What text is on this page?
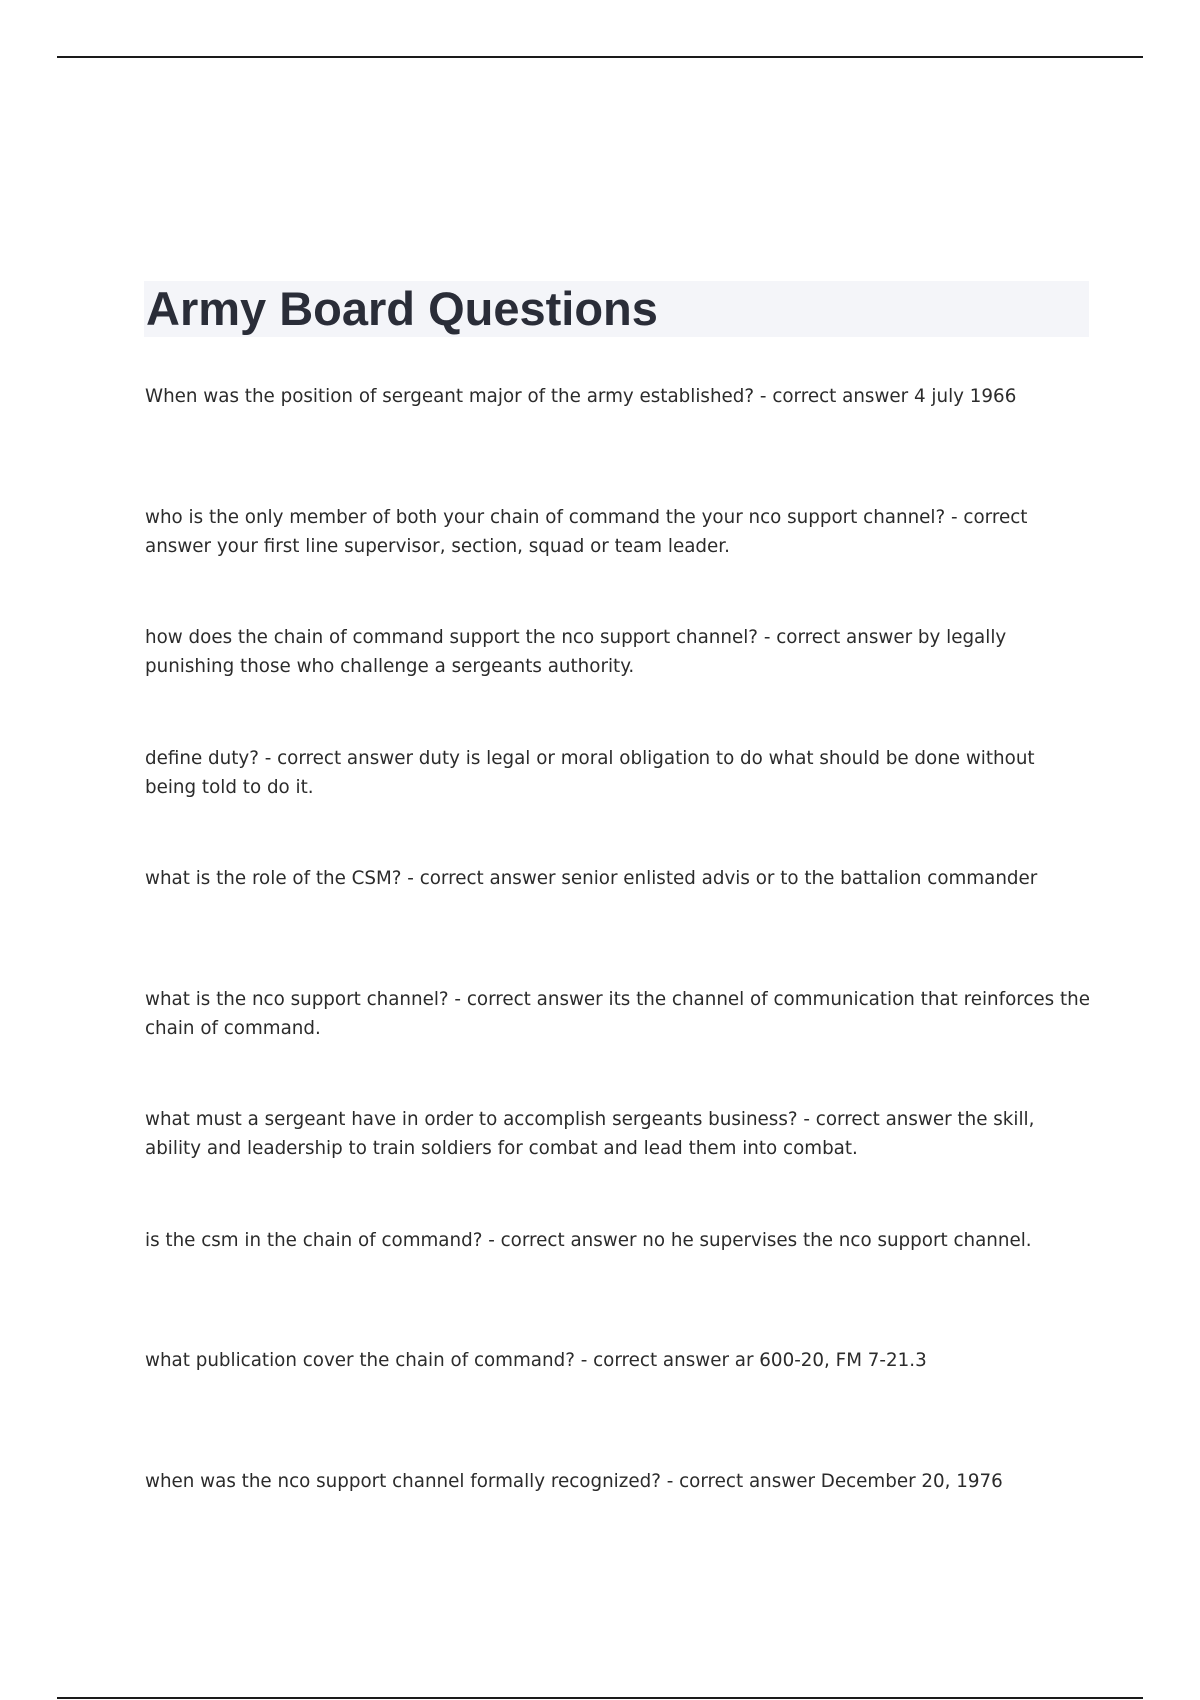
Army Board Questions
When was the position of sergeant major of the army established? - correct answer 4 july 1966
who is the only member of both your chain of command the your nco support channel? - correct answer your first line supervisor, section, squad or team leader.
how does the chain of command support the nco support channel? - correct answer by legally punishing those who challenge a sergeants authority.
define duty? - correct answer duty is legal or moral obligation to do what should be done without being told to do it.
what is the role of the CSM? - correct answer senior enlisted advis or to the battalion commander
what is the nco support channel? - correct answer its the channel of communication that reinforces the chain of command.
what must a sergeant have in order to accomplish sergeants business? - correct answer the skill, ability and leadership to train soldiers for combat and lead them into combat.
is the csm in the chain of command? - correct answer no he supervises the nco support channel.
what publication cover the chain of command? - correct answer ar 600-20, FM 7-21.3
when was the nco support channel formally recognized? - correct answer December 20, 1976
